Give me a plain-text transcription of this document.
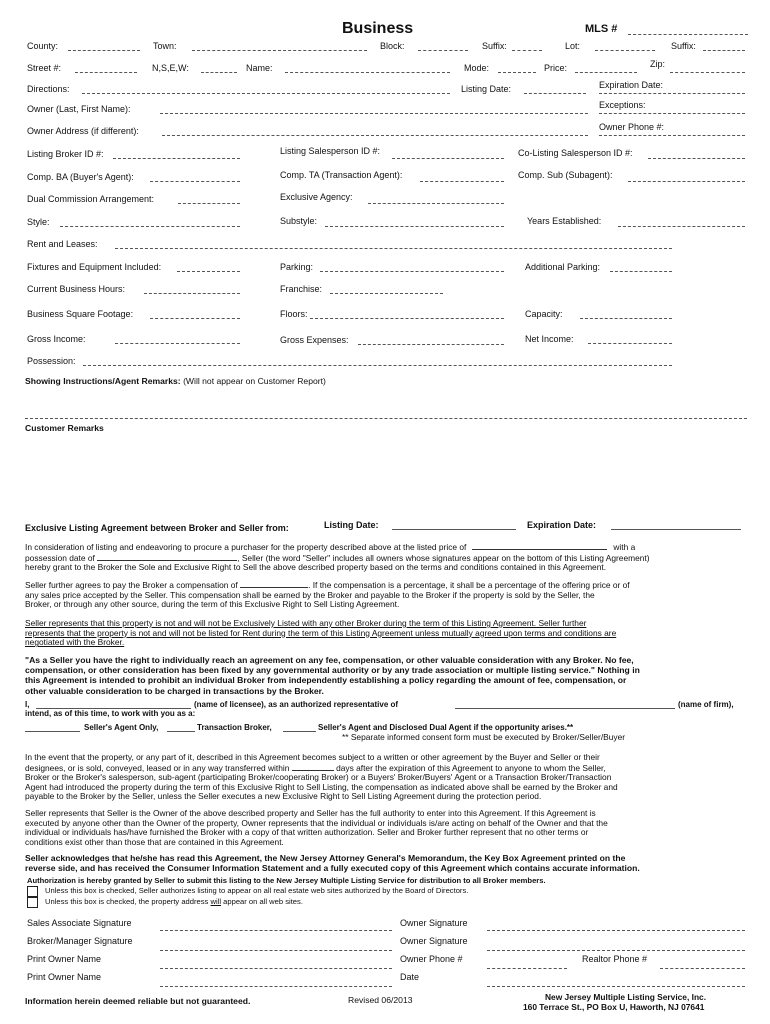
Business	MLS #
County:	Town:	Block:	Suffix:	Lot:	Suffix:
Street #:	N,S,E,W:	Name:	Mode:	Price:	Zip:
Directions:	Listing Date:	Expiration Date:
Owner (Last, First Name):	Exceptions:
Owner Address (if different):	Owner Phone #:
Listing Broker ID #:	Listing Salesperson ID #:	Co-Listing Salesperson ID #:
Comp. BA (Buyer's Agent):	Comp. TA (Transaction Agent):	Comp. Sub (Subagent):
Dual Commission Arrangement:	Exclusive Agency:
Style:	Substyle:	Years Established:
Rent and Leases:
Fixtures and Equipment Included:	Parking:	Additional Parking:
Current Business Hours:	Franchise:
Business Square Footage:	Floors:	Capacity:
Gross Income:	Gross Expenses:	Net Income:
Possession:
Showing Instructions/Agent Remarks: (Will not appear on Customer Report)
Customer Remarks
Exclusive Listing Agreement between Broker and Seller from:	Listing Date:	Expiration Date:
In consideration of listing and endeavoring to procure a purchaser for the property described above at the listed price of	with a
possession date of	, Seller (the word "Seller" includes all owners whose signatures appear on the bottom of this Listing Agreement)
hereby grant to the Broker the Sole and Exclusive Right to Sell the above described property based on the terms and conditions contained in this Agreement.
Seller further agrees to pay the Broker a compensation of	. If the compensation is a percentage, it shall be a percentage of the offering price or of
any sales price accepted by the Seller. This compensation shall be earned by the Broker and payable to the Broker if the property is sold by the Seller, the
Broker, or through any other source, during the term of this Exclusive Right to Sell Listing Agreement.
Seller represents that this property is not and will not be Exclusively Listed with any other Broker during the term of this Listing Agreement. Seller further
represents that the property is not and will not be listed for Rent during the term of this Listing Agreement unless mutually agreed upon terms and conditions are
negotiated with the Broker.
"As a Seller you have the right to individually reach an agreement on any fee, compensation, or other valuable consideration with any Broker. No fee,
compensation, or other consideration has been fixed by any governmental authority or by any trade association or multiple listing service." Nothing in
this Agreement is intended to prohibit an individual Broker from independently establishing a policy regarding the amount of fee, compensation, or
other valuable consideration to be charged in transactions by the Broker.
I,	(name of licensee), as an authorized representative of	(name of firm),
intend, as of this time, to work with you as a:
Seller's Agent Only,	Transaction Broker,	Seller's Agent and Disclosed Dual Agent if the opportunity arises.**
** Separate informed consent form must be executed by Broker/Seller/Buyer
In the event that the property, or any part of it, described in this Agreement becomes subject to a written or other agreement by the Buyer and Seller or their
designees, or is sold, conveyed, leased or in any way transferred within	days after the expiration of this Agreement to anyone to whom the Seller,
Broker or the Broker's salesperson, sub-agent (participating Broker/cooperating Broker) or a Buyers' Broker/Buyers' Agent or a Transaction Broker/Transaction
Agent had introduced the property during the term of this Exclusive Right to Sell Listing, the compensation as indicated above shall be earned by the Broker and
payable to the Broker by the Seller, unless the Seller executes a new Exclusive Right to Sell Listing Agreement during the protection period.
Seller represents that Seller is the Owner of the above described property and Seller has the full authority to enter into this Agreement. If this Agreement is
executed by anyone other than the Owner of the property, Owner represents that the individual or individuals is/are acting on behalf of the Owner and that the
individual or individuals has/have furnished the Broker with a copy of that written authorization. Seller and Broker further represent that no other terms or
conditions exist other than those that are contained in this Agreement.
Seller acknowledges that he/she has read this Agreement, the New Jersey Attorney General's Memorandum, the Key Box Agreement printed on the
reverse side, and has received the Consumer Information Statement and a fully executed copy of this Agreement which contains accurate information.
Authorization is hereby granted by Seller to submit this listing to the New Jersey Multiple Listing Service for distribution to all Broker members.
Unless this box is checked, Seller authorizes listing to appear on all real estate web sites authorized by the Board of Directors.
Unless this box is checked, the property address will appear on all web sites.
Sales Associate Signature	Owner Signature
Broker/Manager Signature	Owner Signature
Print Owner Name	Owner Phone #	Realtor Phone #
Print Owner Name	Date
Information herein deemed reliable but not guaranteed.	Revised 06/2013	New Jersey Multiple Listing Service, Inc.
160 Terrace St., PO Box U, Haworth, NJ 07641
